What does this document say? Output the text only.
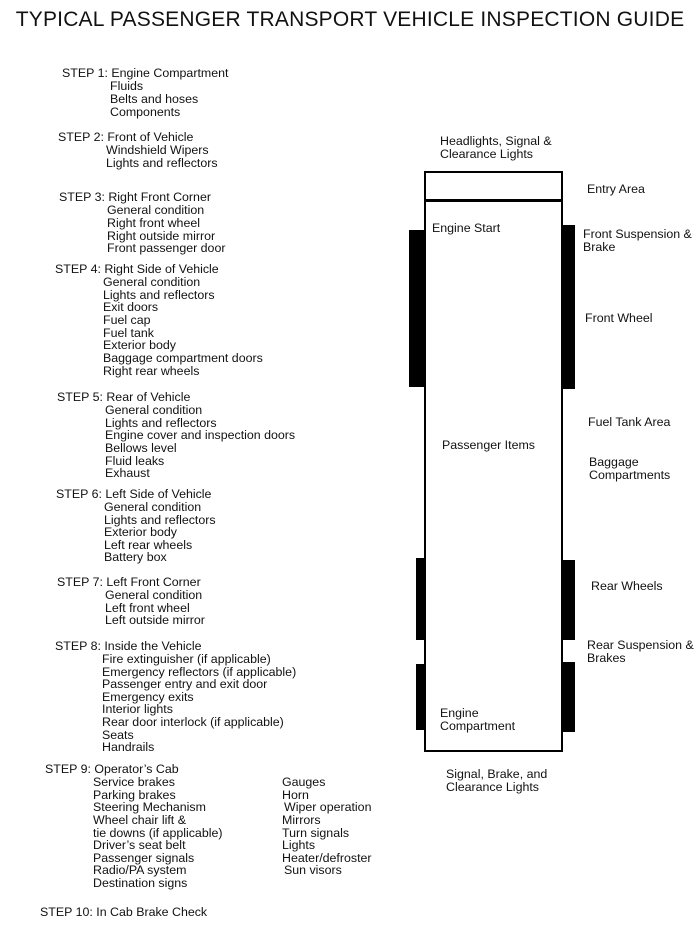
TYPICAL PASSENGER TRANSPORT VEHICLE INSPECTION GUIDE
STEP 1: Engine Compartment
Fluids
Belts and hoses
Components
STEP 2: Front of Vehicle
Windshield Wipers
Lights and reflectors
STEP 3: Right Front Corner
General condition
Right front wheel
Right outside mirror
Front passenger door
STEP 4: Right Side of Vehicle
General condition
Lights and reflectors
Exit doors
Fuel cap
Fuel tank
Exterior body
Baggage compartment doors
Right rear wheels
STEP 5: Rear of Vehicle
General condition
Lights and reflectors
Engine cover and inspection doors
Bellows level
Fluid leaks
Exhaust
STEP 6: Left Side of Vehicle
General condition
Lights and reflectors
Exterior body
Left rear wheels
Battery box
STEP 7: Left Front Corner
General condition
Left front wheel
Left outside mirror
STEP 8: Inside the Vehicle
Fire extinguisher (if applicable)
Emergency reflectors (if applicable)
Passenger entry and exit door
Emergency exits
Interior lights
Rear door interlock (if applicable)
Seats
Handrails
STEP 9: Operator’s Cab
Service brakes
Parking brakes
Steering Mechanism
Wheel chair lift &
tie downs (if applicable)
Driver’s seat belt
Passenger signals
Radio/PA system
Destination signs
Gauges
Horn
Wiper operation
Mirrors
Turn signals
Lights
Heater/defroster
Sun visors
STEP 10: In Cab Brake Check
Headlights, Signal &
Clearance Lights
Entry Area
Engine Start	Front Suspension &
Brake
Front Wheel
Fuel Tank Area
Passenger Items
Baggage
Compartments
Rear Wheels
Rear Suspension &
Brakes
Engine
Compartment
Signal, Brake, and
Clearance Lights
